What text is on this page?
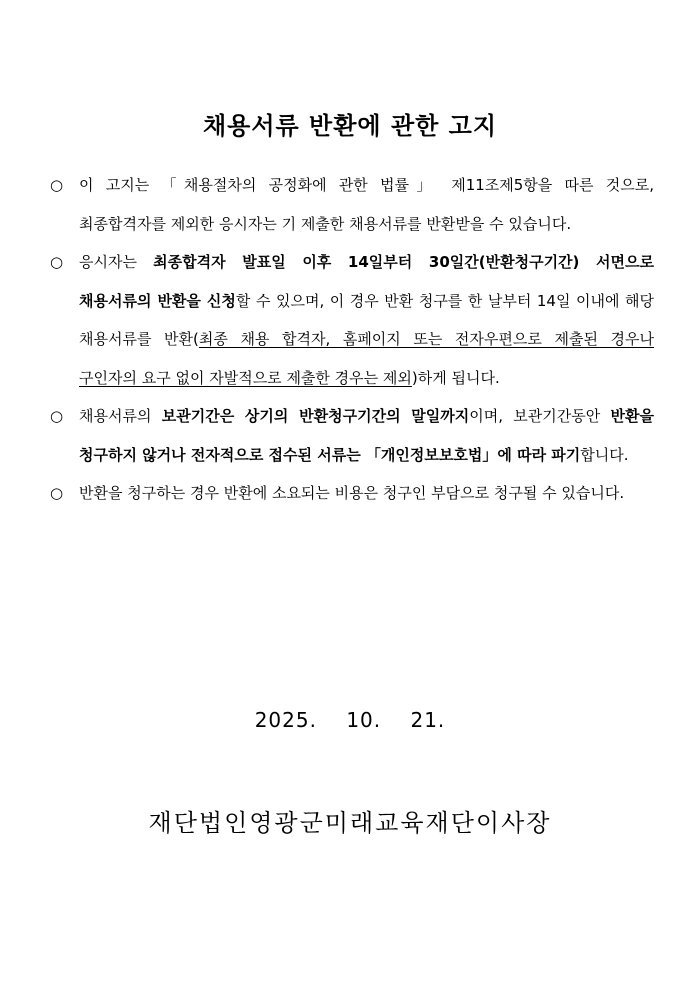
채용서류 반환에 관한 고지
○ 이 고지는 「채용절차의 공정화에 관한 법률」 제11조제5항을 따른 것으로, 최종합격자를 제외한 응시자는 기 제출한 채용서류를 반환받을 수 있습니다.
○ 응시자는 최종합격자 발표일 이후 14일부터 30일간(반환청구기간) 서면으로 채용서류의 반환을 신청할 수 있으며, 이 경우 반환 청구를 한 날부터 14일 이내에 해당 채용서류를 반환(최종 채용 합격자, 홈페이지 또는 전자우편으로 제출된 경우나 구인자의 요구 없이 자발적으로 제출한 경우는 제외)하게 됩니다.
○ 채용서류의 보관기간은 상기의 반환청구기간의 말일까지이며, 보관기간동안 반환을 청구하지 않거나 전자적으로 접수된 서류는 「개인정보보호법」에 따라 파기합니다.
○ 반환을 청구하는 경우 반환에 소요되는 비용은 청구인 부담으로 청구될 수 있습니다.
2025. 10. 21.
재단법인영광군미래교육재단이사장
